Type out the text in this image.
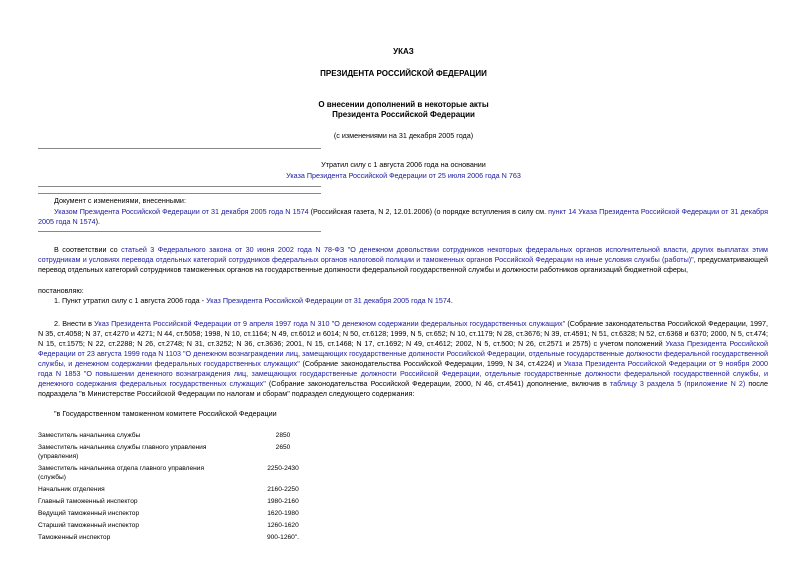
УКАЗ
ПРЕЗИДЕНТА РОССИЙСКОЙ ФЕДЕРАЦИИ
О внесении дополнений в некоторые акты
Президента Российской Федерации
(с изменениями на 31 декабря 2005 года)
Утратил силу с 1 августа 2006 года на основании
Указа Президента Российской Федерации от 25 июля 2006 года N 763
Документ с изменениями, внесенными:
Указом Президента Российской Федерации от 31 декабря 2005 года N 1574 (Российская газета, N 2, 12.01.2006) (о порядке вступления в силу см. пункт 14 Указа Президента Российской Федерации от 31 декабря 2005 года N 1574).
В соответствии со статьей 3 Федерального закона от 30 июня 2002 года N 78-ФЗ "О денежном довольствии сотрудников некоторых федеральных органов исполнительной власти, других выплатах этим сотрудникам и условиях перевода отдельных категорий сотрудников федеральных органов налоговой полиции и таможенных органов Российской Федерации на иные условия службы (работы)", предусматривающей перевод отдельных категорий сотрудников таможенных органов на государственные должности федеральной государственной службы и должности работников организаций бюджетной сферы,
постановляю:
1. Пункт утратил силу с 1 августа 2006 года - Указ Президента Российской Федерации от 31 декабря 2005 года N 1574.
2. Внести в Указ Президента Российской Федерации от 9 апреля 1997 года N 310 "О денежном содержании федеральных государственных служащих" (Собрание законодательства Российской Федерации, 1997, N 35, ст.4058; N 37, ст.4270 и 4271; N 44, ст.5058; 1998, N 10, ст.1164; N 49, ст.6012 и 6014; N 50, ст.6128; 1999, N 5, ст.652; N 10, ст.1179; N 28, ст.3676; N 39, ст.4591; N 51, ст.6328; N 52, ст.6368 и 6370; 2000, N 5, ст.474; N 15, ст.1575; N 22, ст.2288; N 26, ст.2748; N 31, ст.3252; N 36, ст.3636; 2001, N 15, ст.1468; N 17, ст.1692; N 49, ст.4612; 2002, N 5, ст.500; N 26, ст.2571 и 2575) с учетом положений Указа Президента Российской Федерации от 23 августа 1999 года N 1103 "О денежном вознаграждении лиц, замещающих государственные должности Российской Федерации, отдельные государственные должности федеральной государственной службы, и денежном содержании федеральных государственных служащих" (Собрание законодательства Российской Федерации, 1999, N 34, ст.4224) и Указа Президента Российской Федерации от 9 ноября 2000 года N 1853 "О повышении денежного вознаграждения лиц, замещающих государственные должности Российской Федерации, отдельные государственные должности федеральной государственной службы, и денежного содержания федеральных государственных служащих" (Собрание законодательства Российской Федерации, 2000, N 46, ст.4541) дополнение, включив в таблицу 3 раздела 5 (приложение N 2) после подраздела "в Министерстве Российской Федерации по налогам и сборам" подраздел следующего содержания:
"в Государственном таможенном комитете Российской Федерации
Заместитель начальника службы	2850
Заместитель начальника службы главного управления (управления)	2650
Заместитель начальника отдела главного управления (службы)	2250-2430
Начальник отделения	2160-2250
Главный таможенный инспектор	1980-2160
Ведущий таможенный инспектор	1620-1980
Старший таможенный инспектор	1260-1620
Таможенный инспектор	900-1260".
